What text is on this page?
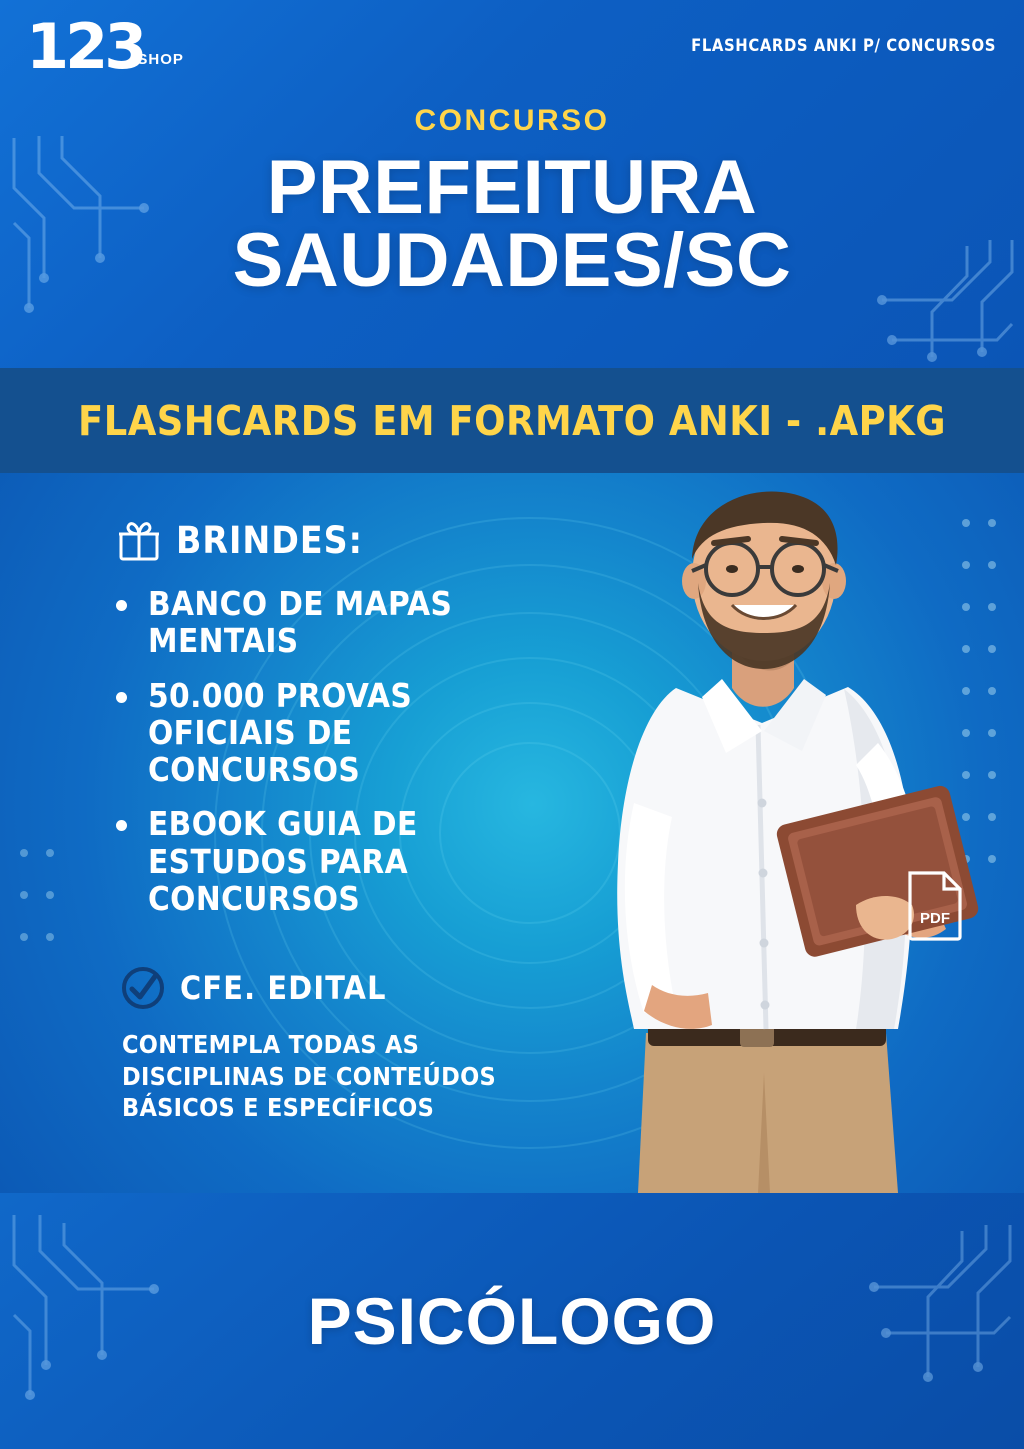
123
SHOP
FLASHCARDS ANKI P/ CONCURSOS
CONCURSO
PREFEITURA
SAUDADES/SC
FLASHCARDS EM FORMATO ANKI - .APKG
PDF
BRINDES:
BANCO DE MAPAS MENTAIS
50.000 PROVAS OFICIAIS DE CONCURSOS
EBOOK GUIA DE ESTUDOS PARA CONCURSOS
CFE. EDITAL
CONTEMPLA TODAS AS DISCIPLINAS DE CONTEÚDOS BÁSICOS E ESPECÍFICOS
PSICÓLOGO
